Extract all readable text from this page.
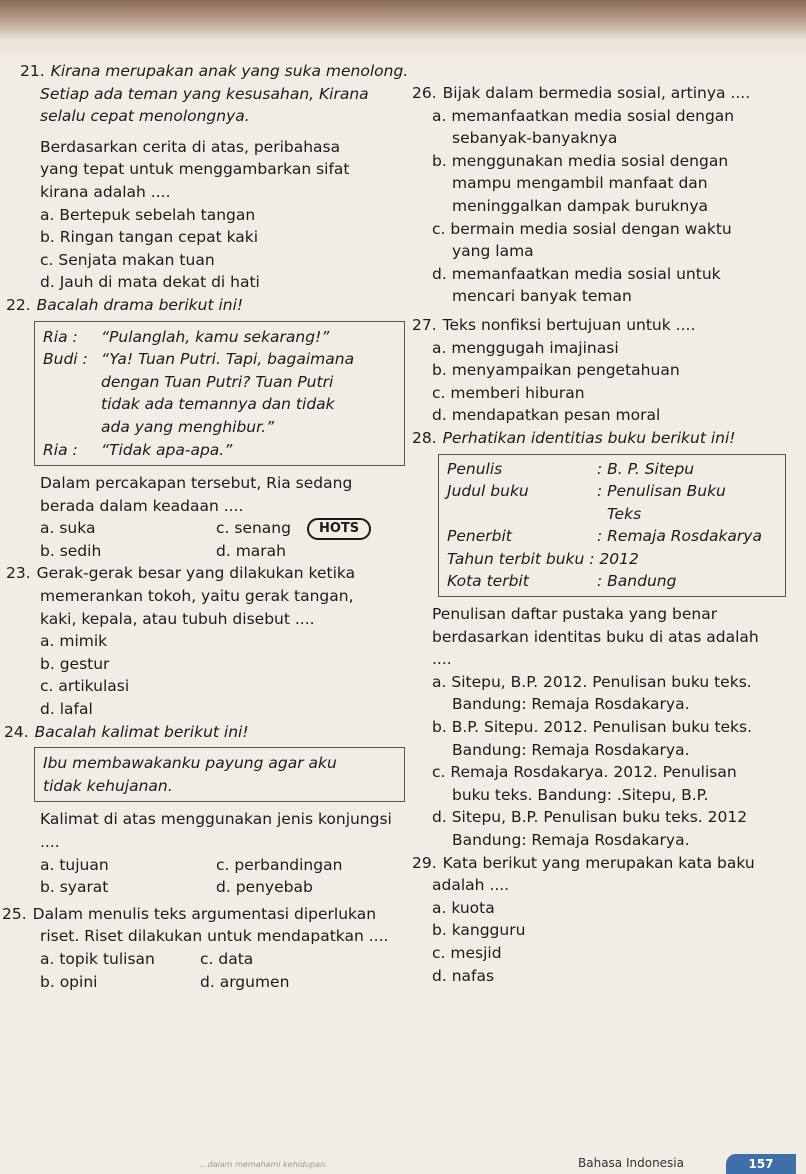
21. Kirana merupakan anak yang suka menolong.
Setiap ada teman yang kesusahan, Kirana
selalu cepat menolongnya.
Berdasarkan cerita di atas, peribahasa
yang tepat untuk menggambarkan sifat
kirana adalah ....
a. Bertepuk sebelah tangan
b. Ringan tangan cepat kaki
c. Senjata makan tuan
d. Jauh di mata dekat di hati
22. Bacalah drama berikut ini!
Ria :	“Pulanglah, kamu sekarang!”
Budi : “Ya! Tuan Putri. Tapi, bagaimana
dengan Tuan Putri? Tuan Putri
tidak ada temannya dan tidak
ada yang menghibur.”
Ria :	“Tidak apa-apa.”
Dalam percakapan tersebut, Ria sedang
berada dalam keadaan ....
a. suka	c. senang	HOTS
b. sedih	d. marah
23. Gerak-gerak besar yang dilakukan ketika
memerankan tokoh, yaitu gerak tangan,
kaki, kepala, atau tubuh disebut ....
a. mimik
b. gestur
c. artikulasi
d. lafal
24. Bacalah kalimat berikut ini!
Ibu membawakanku payung agar aku
tidak kehujanan.
Kalimat di atas menggunakan jenis konjungsi
....
a. tujuan	c. perbandingan
b. syarat	d. penyebab
25. Dalam menulis teks argumentasi diperlukan
riset. Riset dilakukan untuk mendapatkan ....
a. topik tulisan	c. data
b. opini	d. argumen
26. Bijak dalam bermedia sosial, artinya ....
a. memanfaatkan media sosial dengan
sebanyak-banyaknya
b. menggunakan media sosial dengan
mampu mengambil manfaat dan
meninggalkan dampak buruknya
c. bermain media sosial dengan waktu
yang lama
d. memanfaatkan media sosial untuk
mencari banyak teman
27. Teks nonfiksi bertujuan untuk ....
a. menggugah imajinasi
b. menyampaikan pengetahuan
c. memberi hiburan
d. mendapatkan pesan moral
28. Perhatikan identitias buku berikut ini!
Penulis	: B. P. Sitepu
Judul buku	: Penulisan Buku
Teks
Penerbit	: Remaja Rosdakarya
Tahun terbit buku : 2012
Kota terbit	: Bandung
Penulisan daftar pustaka yang benar
berdasarkan identitas buku di atas adalah
....
a. Sitepu, B.P. 2012. Penulisan buku teks.
Bandung: Remaja Rosdakarya.
b. B.P. Sitepu. 2012. Penulisan buku teks.
Bandung: Remaja Rosdakarya.
c. Remaja Rosdakarya. 2012. Penulisan
buku teks. Bandung: .Sitepu, B.P.
d. Sitepu, B.P. Penulisan buku teks. 2012
Bandung: Remaja Rosdakarya.
29. Kata berikut yang merupakan kata baku
adalah ....
a. kuota
b. kangguru
c. mesjid
d. nafas
...dalam memahami kehidupan.	Bahasa Indonesia	157
